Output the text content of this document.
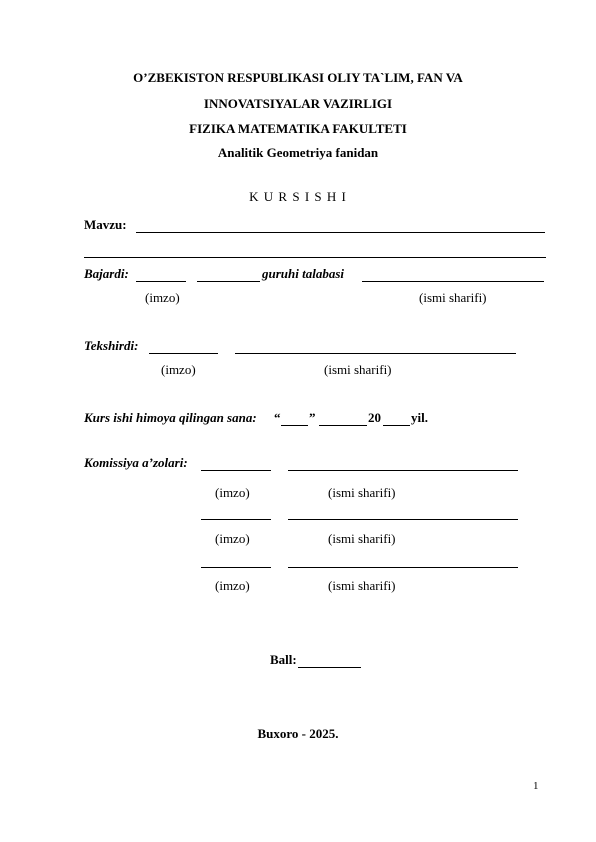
O’ZBEKISTON RESPUBLIKASI OLIY TA`LIM, FAN VA
INNOVATSIYALAR VAZIRLIGI
FIZIKA MATEMATIKA FAKULTETI
Analitik Geometriya fanidan
K U R S I S H I
Mavzu:
Bajardi:	guruhi talabasi
(imzo)	(ismi sharifi)
Tekshirdi:
(imzo)	(ismi sharifi)
Kurs ishi himoya qilingan sana: “ ”	20 yil.
Komissiya a’zolari:
(imzo)	(ismi sharifi)
(imzo)	(ismi sharifi)
(imzo)	(ismi sharifi)
Ball:
Buxoro - 2025.
1
